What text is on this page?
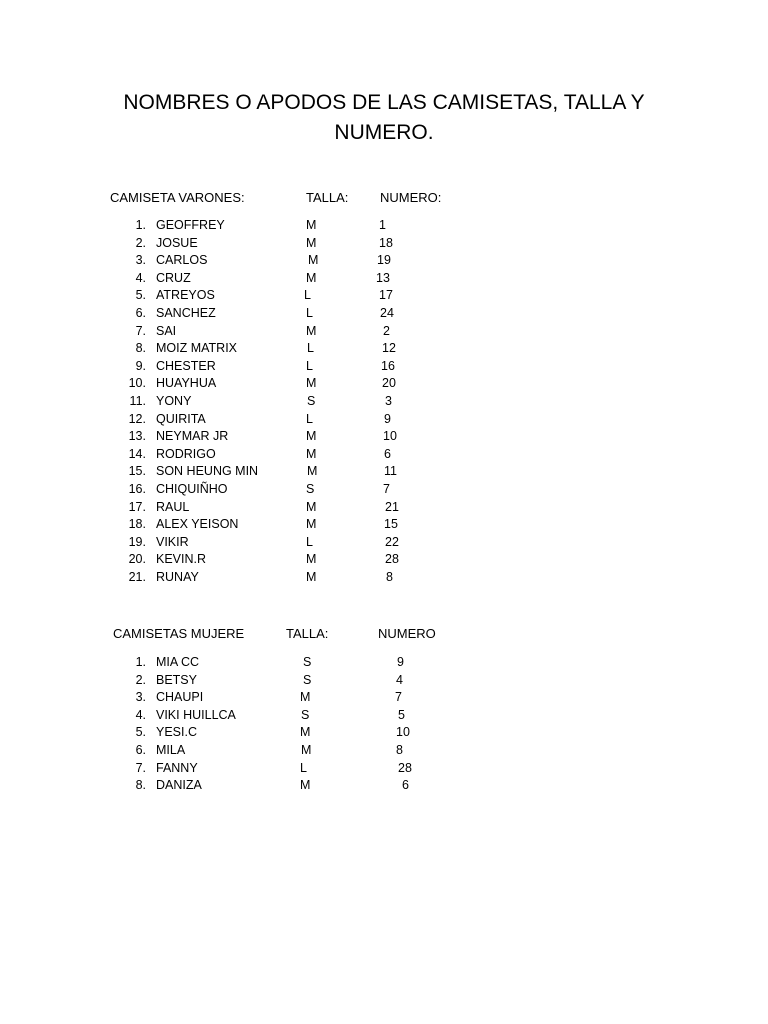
NOMBRES O APODOS DE LAS CAMISETAS, TALLA Y
NUMERO.
CAMISETA VARONES:	TALLA: NUMERO:
1. GEOFFREY	M	1
2. JOSUE	M	18
3. CARLOS	M	19
4. CRUZ	M	13
5. ATREYOS	L	17
6. SANCHEZ	L	24
7. SAI	M	2
8. MOIZ MATRIX	L	12
9. CHESTER	L	16
10. HUAYHUA	M	20
11. YONY	S	3
12. QUIRITA	L	9
13. NEYMAR JR	M	10
14. RODRIGO	M	6
15. SON HEUNG MIN	M	11
16. CHIQUIÑHO	S	7
17. RAUL	M	21
18. ALEX YEISON	M	15
19. VIKIR	L	22
20. KEVIN.R	M	28
21. RUNAY	M	8
CAMISETAS MUJERE	TALLA:	NUMERO
1. MIA CC	S	9
2. BETSY	S	4
3. CHAUPI	M	7
4. VIKI HUILLCA	S	5
5. YESI.C	M	10
6. MILA	M	8
7. FANNY	L	28
8. DANIZA	M	6
